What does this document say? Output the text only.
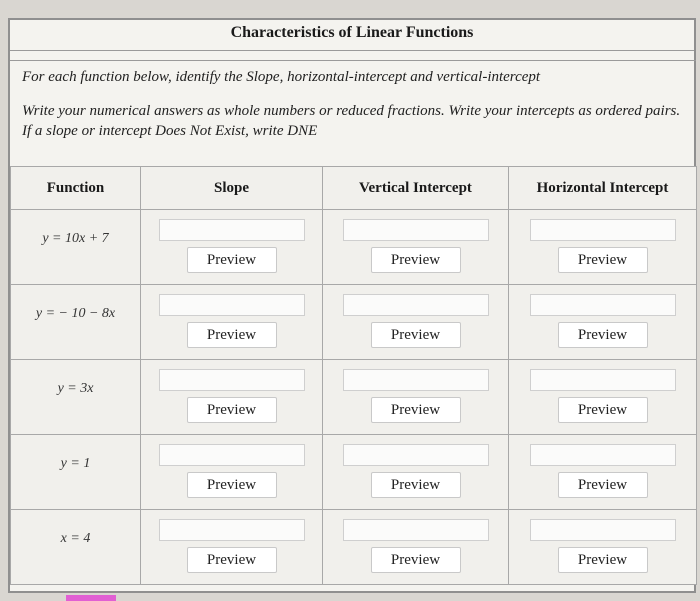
Characteristics of Linear Functions
For each function below, identify the Slope, horizontal-intercept and vertical-intercept
Write your numerical answers as whole numbers or reduced fractions. Write your intercepts as ordered pairs. If a slope or intercept Does Not Exist, write DNE
Function	Slope	Vertical Intercept	Horizontal Intercept

y = 10x + 7	Preview	Preview	Preview

y = − 10 − 8x	Preview	Preview	Preview

y = 3x	Preview	Preview	Preview

y = 1	Preview	Preview	Preview

x = 4	Preview	Preview	Preview
